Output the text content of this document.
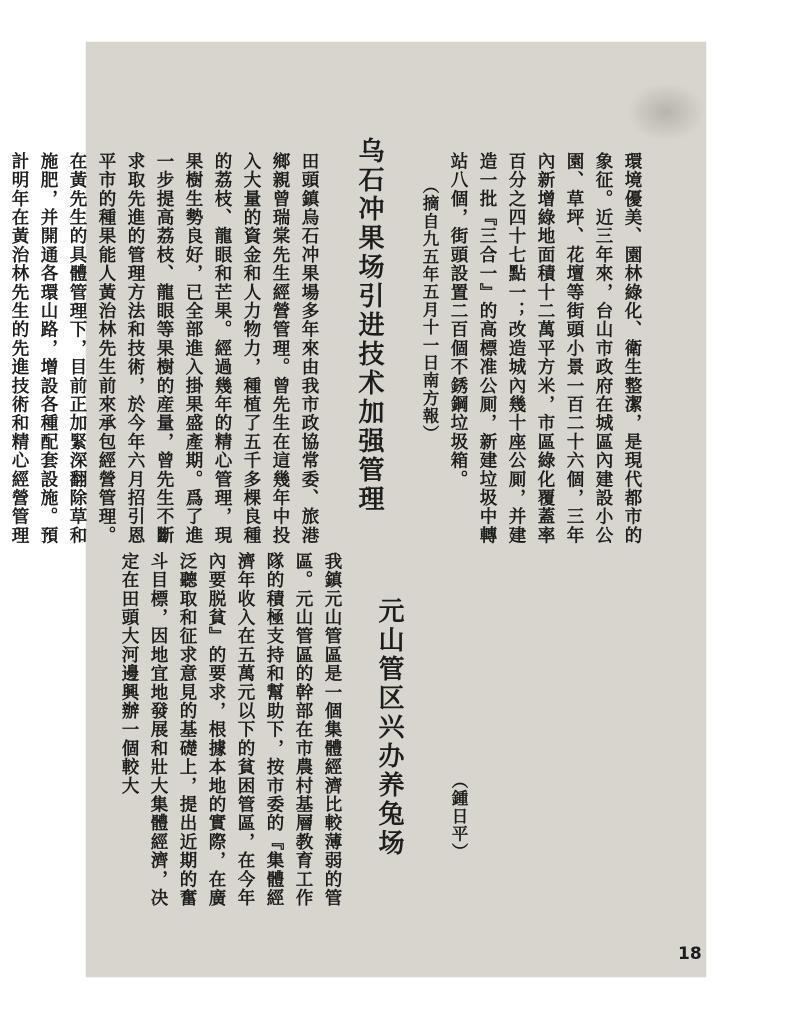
環境優美、園林綠化、衛生整潔，是現代都市的象征。近三年來，台山市政府在城區內建設小公園、草坪、花壇等街頭小景一百二十六個，三年內新增綠地面積十二萬平方米，市區綠化覆蓋率百分之四十七點一；改造城內幾十座公厠，并建造一批『三合一』的高標准公厠，新建垃圾中轉站八個，街頭設置二百個不銹鋼垃圾箱。
（摘自九五年五月十一日南方報）
乌石冲果场引进技术加强管理
田頭鎮烏石冲果場多年來由我市政協常委、旅港鄉親曾瑞棠先生經營管理。曾先生在這幾年中投入大量的資金和人力物力，種植了五千多棵良種的荔枝、龍眼和芒果。經過幾年的精心管理，現果樹生勢良好，已全部進入掛果盛產期。爲了進一步提高荔枝、龍眼等果樹的産量，曾先生不斷求取先進的管理方法和技術，於今年六月招引恩平市的種果能人黃治林先生前來承包經營管理。在黃先生的具體管理下，目前正加緊深翻除草和施肥，并開通各環山路，增設各種配套設施。預計明年在黃治林先生的先進技術和精心經營管理
（鍾日平）
元山管区兴办养兔场
我鎮元山管區是一個集體經濟比較薄弱的管區。元山管區的幹部在市農村基層教育工作隊的積極支持和幫助下，按市委的『集體經濟年收入在五萬元以下的貧困管區，在今年內要脱貧』的要求，根據本地的實際，在廣泛聽取和征求意見的基礎上，提出近期的奮斗目標，因地宜地發展和壯大集體經濟，决定在田頭大河邊興辦一個較大
18
